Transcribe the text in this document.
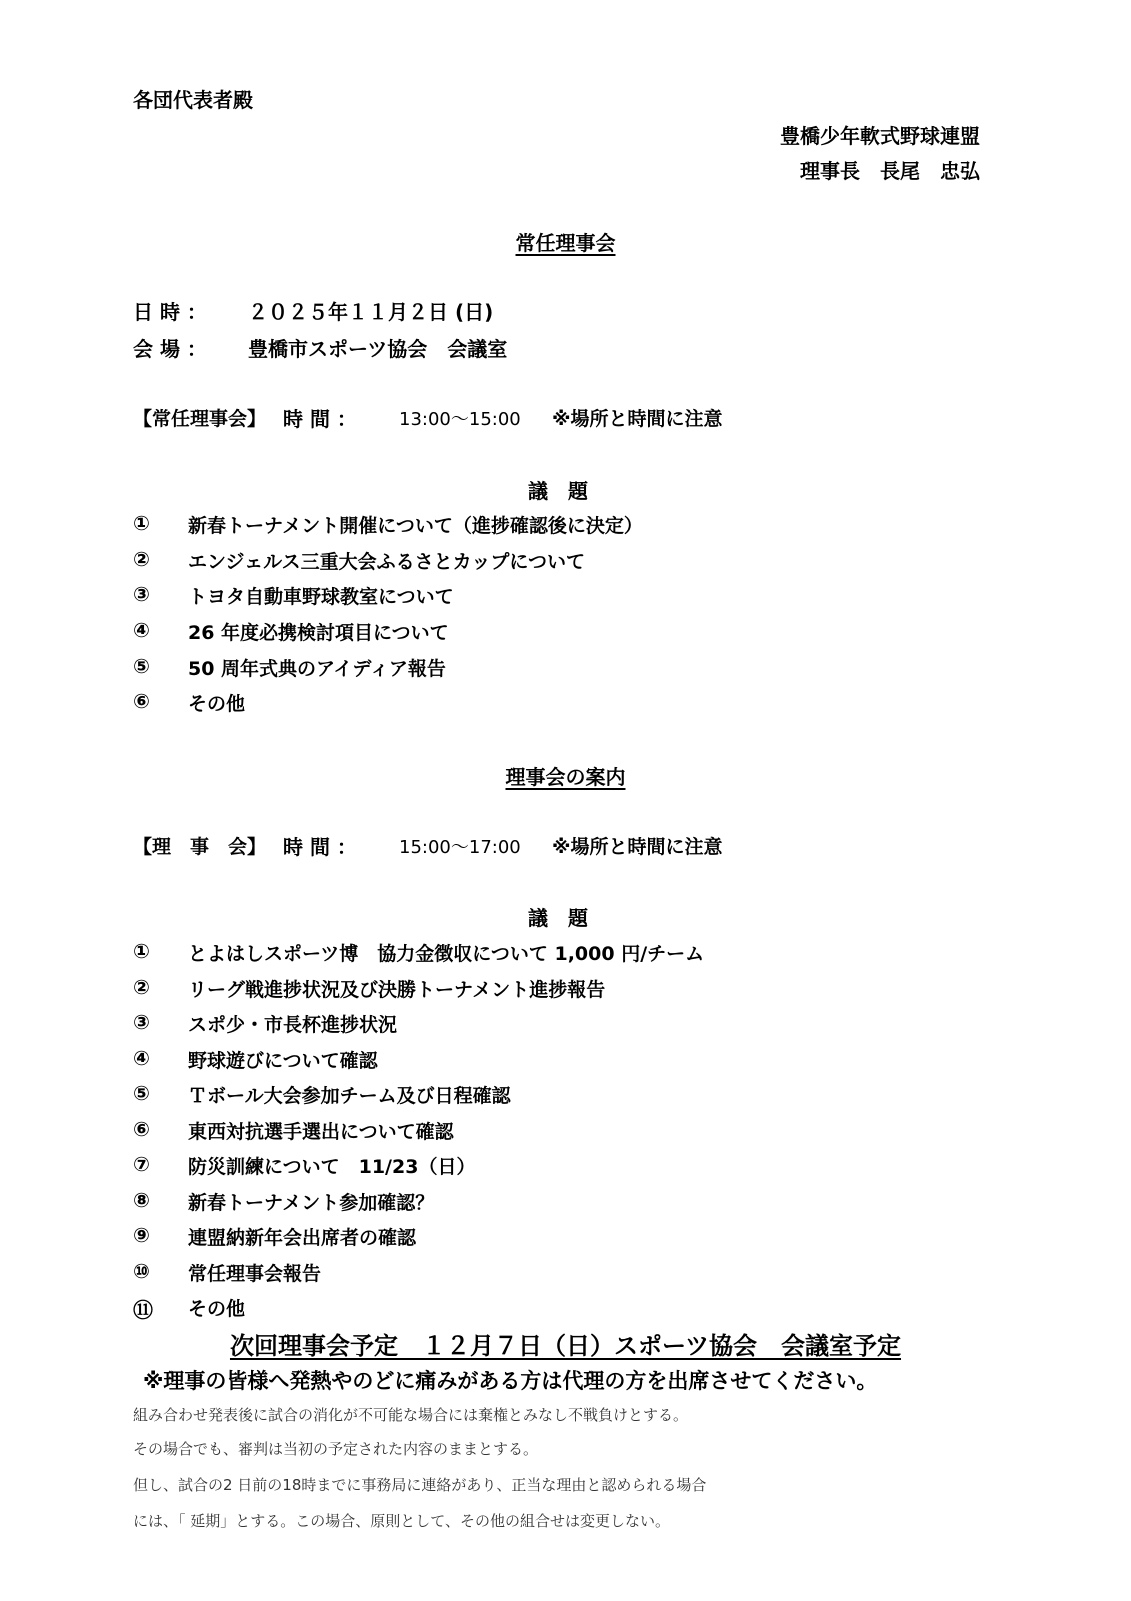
各団代表者殿
豊橋少年軟式野球連盟
理事長　長尾　忠弘
常任理事会
日 時 ： ２０２５年１１月２日 (日)
会 場 ： 豊橋市スポーツ協会　会議室
【常任理事会】 時 間 ： 13:00～15:00 ※場所と時間に注意
議　題
① 新春トーナメント開催について（進捗確認後に決定）
② エンジェルス三重大会ふるさとカップについて
③ トヨタ自動車野球教室について
④ 26 年度必携検討項目について
⑤ 50 周年式典のアイディア報告
⑥ その他
理事会の案内
【理　事　会】 時 間 ： 15:00～17:00 ※場所と時間に注意
議　題
① とよはしスポーツ博　協力金徴収について 1,000 円/チーム
② リーグ戦進捗状況及び決勝トーナメント進捗報告
③ スポ少・市長杯進捗状況
④ 野球遊びについて確認
⑤ Ｔボール大会参加チーム及び日程確認
⑥ 東西対抗選手選出について確認
⑦ 防災訓練について　11/23（日）
⑧ 新春トーナメント参加確認？
⑨ 連盟納新年会出席者の確認
⑩ 常任理事会報告
⑪ その他
次回理事会予定　１２月７日（日）スポーツ協会　会議室予定
※理事の皆様へ発熱やのどに痛みがある方は代理の方を出席させてください。
組み合わせ発表後に試合の消化が不可能な場合には棄権とみなし不戦負けとする。
その場合でも、審判は当初の予定された内容のままとする。
但し、試合の2 日前の18時までに事務局に連絡があり、正当な理由と認められる場合
には、「 延期」とする。この場合、原則として、その他の組合せは変更しない。
